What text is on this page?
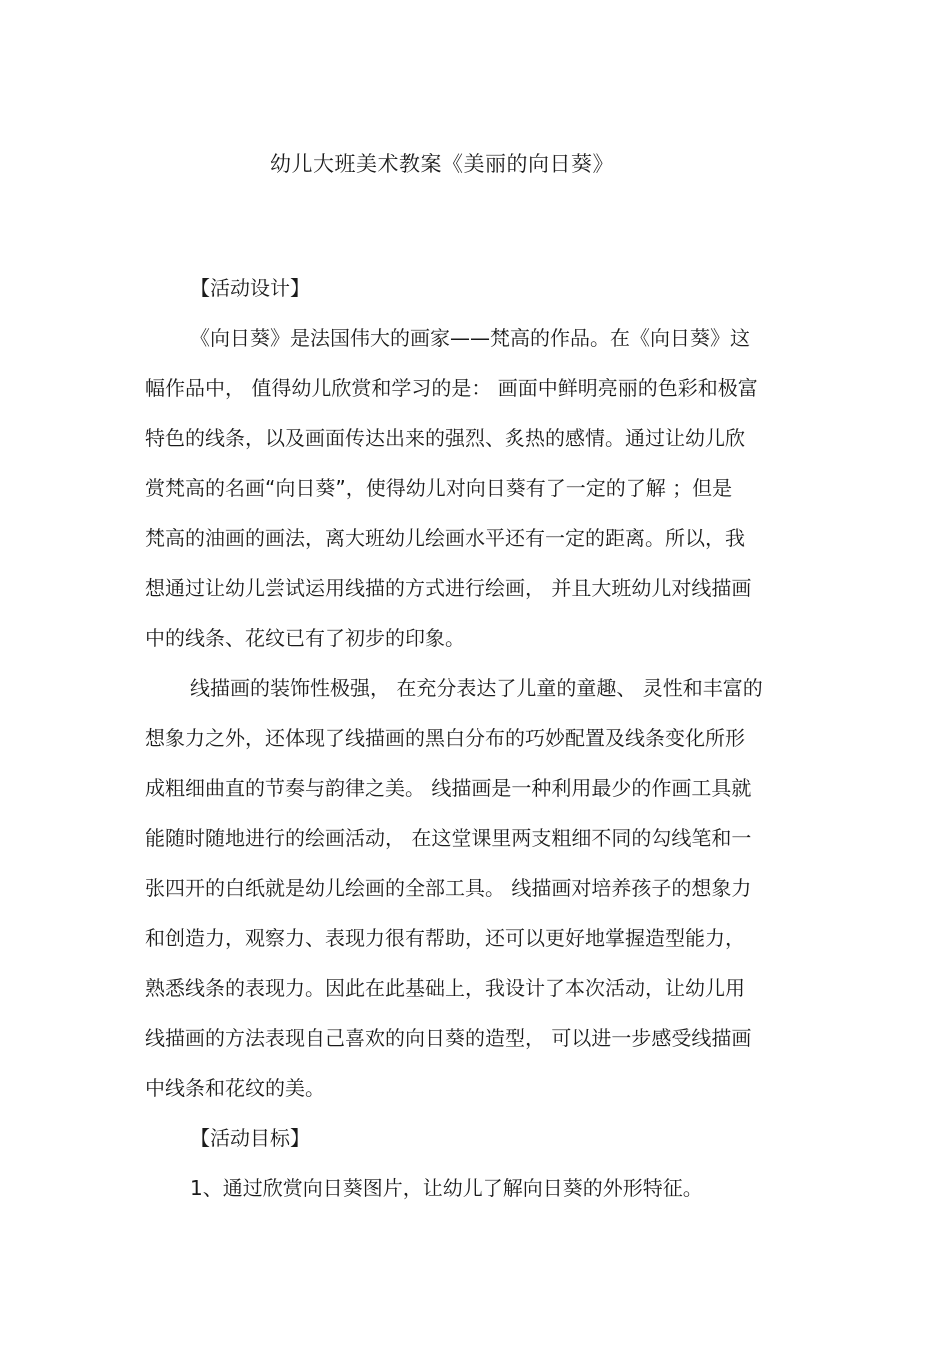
幼儿大班美术教案《美丽的向日葵》
【活动设计】
《向日葵》是法国伟大的画家——梵高的作品。在《向日葵》这
幅作品中， 值得幼儿欣赏和学习的是： 画面中鲜明亮丽的色彩和极富
特色的线条，以及画面传达出来的强烈、炙热的感情。通过让幼儿欣
赏梵高的名画“向日葵”，使得幼儿对向日葵有了一定的了解 ；但是
梵高的油画的画法，离大班幼儿绘画水平还有一定的距离。所以，我
想通过让幼儿尝试运用线描的方式进行绘画， 并且大班幼儿对线描画
中的线条、花纹已有了初步的印象。
线描画的装饰性极强， 在充分表达了儿童的童趣、 灵性和丰富的
想象力之外，还体现了线描画的黑白分布的巧妙配置及线条变化所形
成粗细曲直的节奏与韵律之美。 线描画是一种利用最少的作画工具就
能随时随地进行的绘画活动， 在这堂课里两支粗细不同的勾线笔和一
张四开的白纸就是幼儿绘画的全部工具。 线描画对培养孩子的想象力
和创造力，观察力、表现力很有帮助，还可以更好地掌握造型能力，
熟悉线条的表现力。因此在此基础上，我设计了本次活动，让幼儿用
线描画的方法表现自己喜欢的向日葵的造型， 可以进一步感受线描画
中线条和花纹的美。
【活动目标】
1、通过欣赏向日葵图片，让幼儿了解向日葵的外形特征。
